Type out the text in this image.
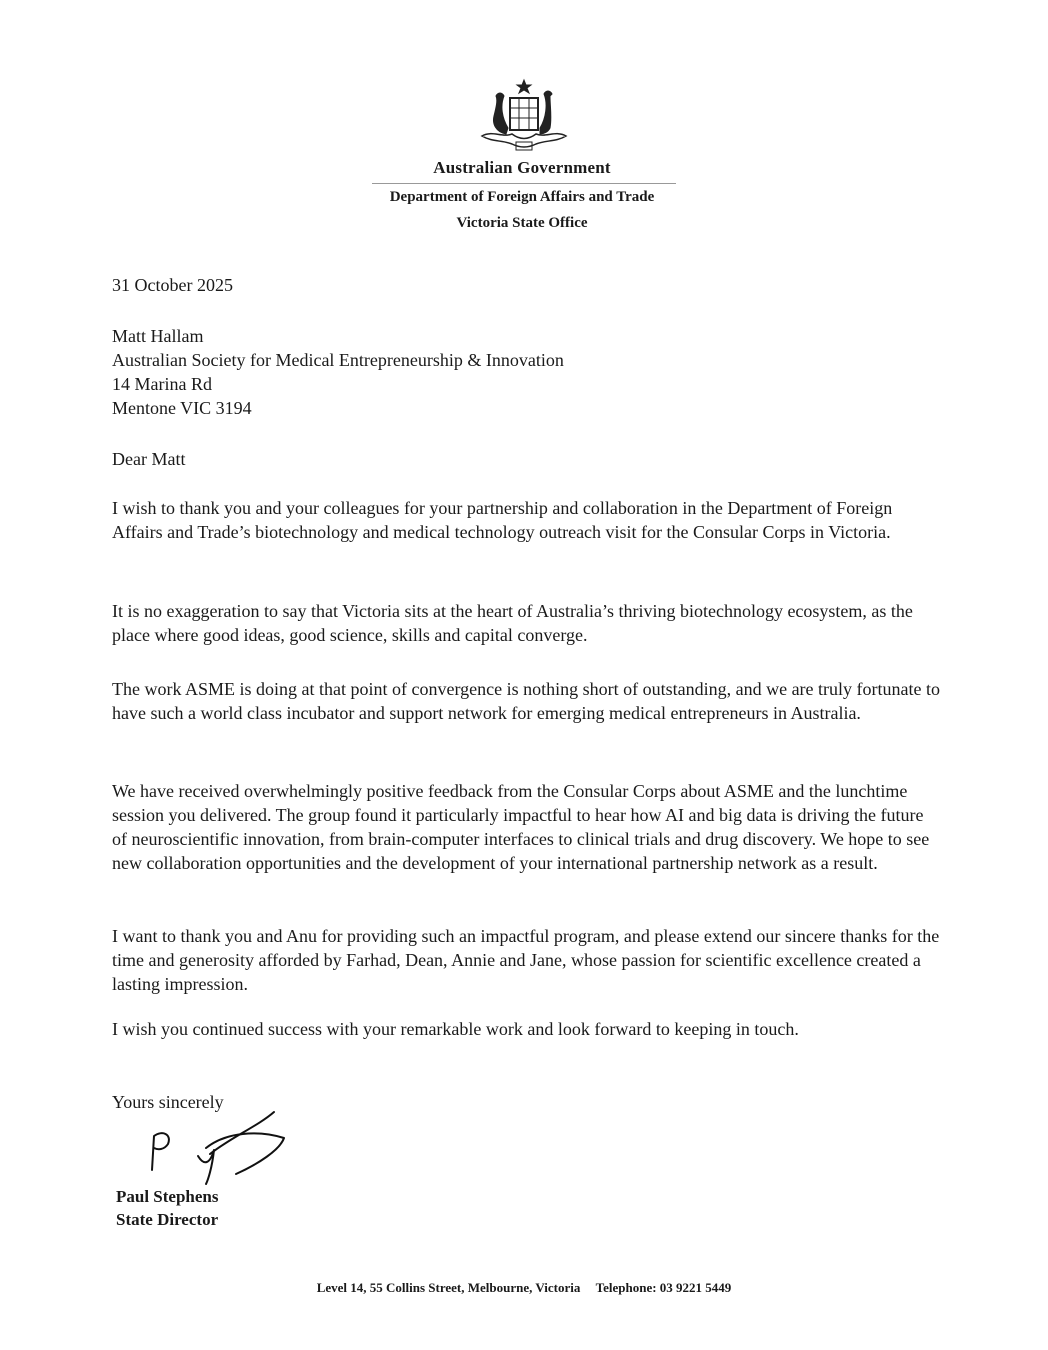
Australian Government
Department of Foreign Affairs and Trade
Victoria State Office
31 October 2025
Matt Hallam
Australian Society for Medical Entrepreneurship & Innovation
14 Marina Rd
Mentone VIC 3194
Dear Matt
I wish to thank you and your colleagues for your partnership and collaboration in the Department of Foreign Affairs and Trade’s biotechnology and medical technology outreach visit for the Consular Corps in Victoria.
It is no exaggeration to say that Victoria sits at the heart of Australia’s thriving biotechnology ecosystem, as the place where good ideas, good science, skills and capital converge.
The work ASME is doing at that point of convergence is nothing short of outstanding, and we are truly fortunate to have such a world class incubator and support network for emerging medical entrepreneurs in Australia.
We have received overwhelmingly positive feedback from the Consular Corps about ASME and the lunchtime session you delivered. The group found it particularly impactful to hear how AI and big data is driving the future of neuroscientific innovation, from brain-computer interfaces to clinical trials and drug discovery. We hope to see new collaboration opportunities and the development of your international partnership network as a result.
I want to thank you and Anu for providing such an impactful program, and please extend our sincere thanks for the time and generosity afforded by Farhad, Dean, Annie and Jane, whose passion for scientific excellence created a lasting impression.
I wish you continued success with your remarkable work and look forward to keeping in touch.
Yours sincerely
Paul Stephens
State Director
Level 14, 55 Collins Street, Melbourne, Victoria Telephone: 03 9221 5449
